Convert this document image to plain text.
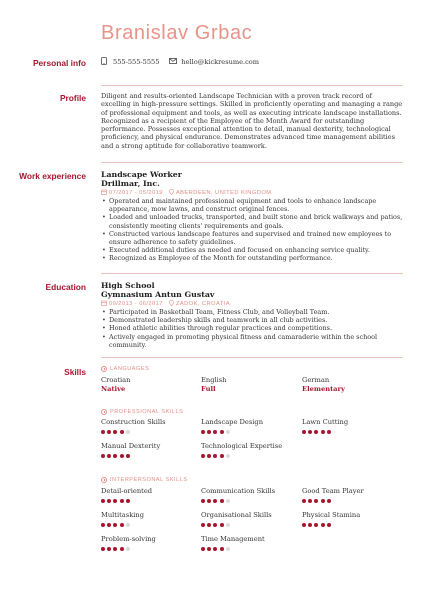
Branislav Grbac
Personal info	555-555-5555	hello@kickresume.com
Profile Diligent and results-oriented Landscape Technician with a proven track record of excelling in high-pressure settings. Skilled in proficiently operating and managing a range of professional equipment and tools, as well as executing intricate landscape installations. Recognized as a recipient of the Employee of the Month Award for outstanding performance. Possesses exceptional attention to detail, manual dexterity, technological proficiency, and physical endurance. Demonstrates advanced time management abilities and a strong aptitude for collaborative teamwork.
Work experience Landscape Worker
Drillmar, Inc.
07/2017 - 05/2019 ABERDEEN, UNITED KINGDOM
• Operated and maintained professional equipment and tools to enhance landscape appearance, mow lawns, and construct original fences.
• Loaded and unloaded trucks, transported, and built stone and brick walkways and patios, consistently meeting clients' requirements and goals.
• Constructed various landscape features and supervised and trained new employees to ensure adherence to safety guidelines.
• Executed additional duties as needed and focused on enhancing service quality.
• Recognized as Employee of the Month for outstanding performance.
Education High School
Gymnasium Antun Gustav
09/2013 - 06/2017 ZADOK, CROATIA
• Participated in Basketball Team, Fitness Club, and Volleyball Team.
• Demonstrated leadership skills and teamwork in all club activities.
• Honed athletic abilities through regular practices and competitions.
• Actively engaged in promoting physical fitness and camaraderie within the school community.
Skills	LANGUAGES
Croatian
Native
English
Full
German
Elementary
PROFESSIONAL SKILLS
Construction Skills	Landscape Design	Lawn Cutting
Manual Dexterity	Technological Expertise
INTERPERSONAL SKILLS
Detail-oriented	Communication Skills	Good Team Player
Multitasking	Organisational Skills	Physical Stamina
Problem-solving	Time Management
